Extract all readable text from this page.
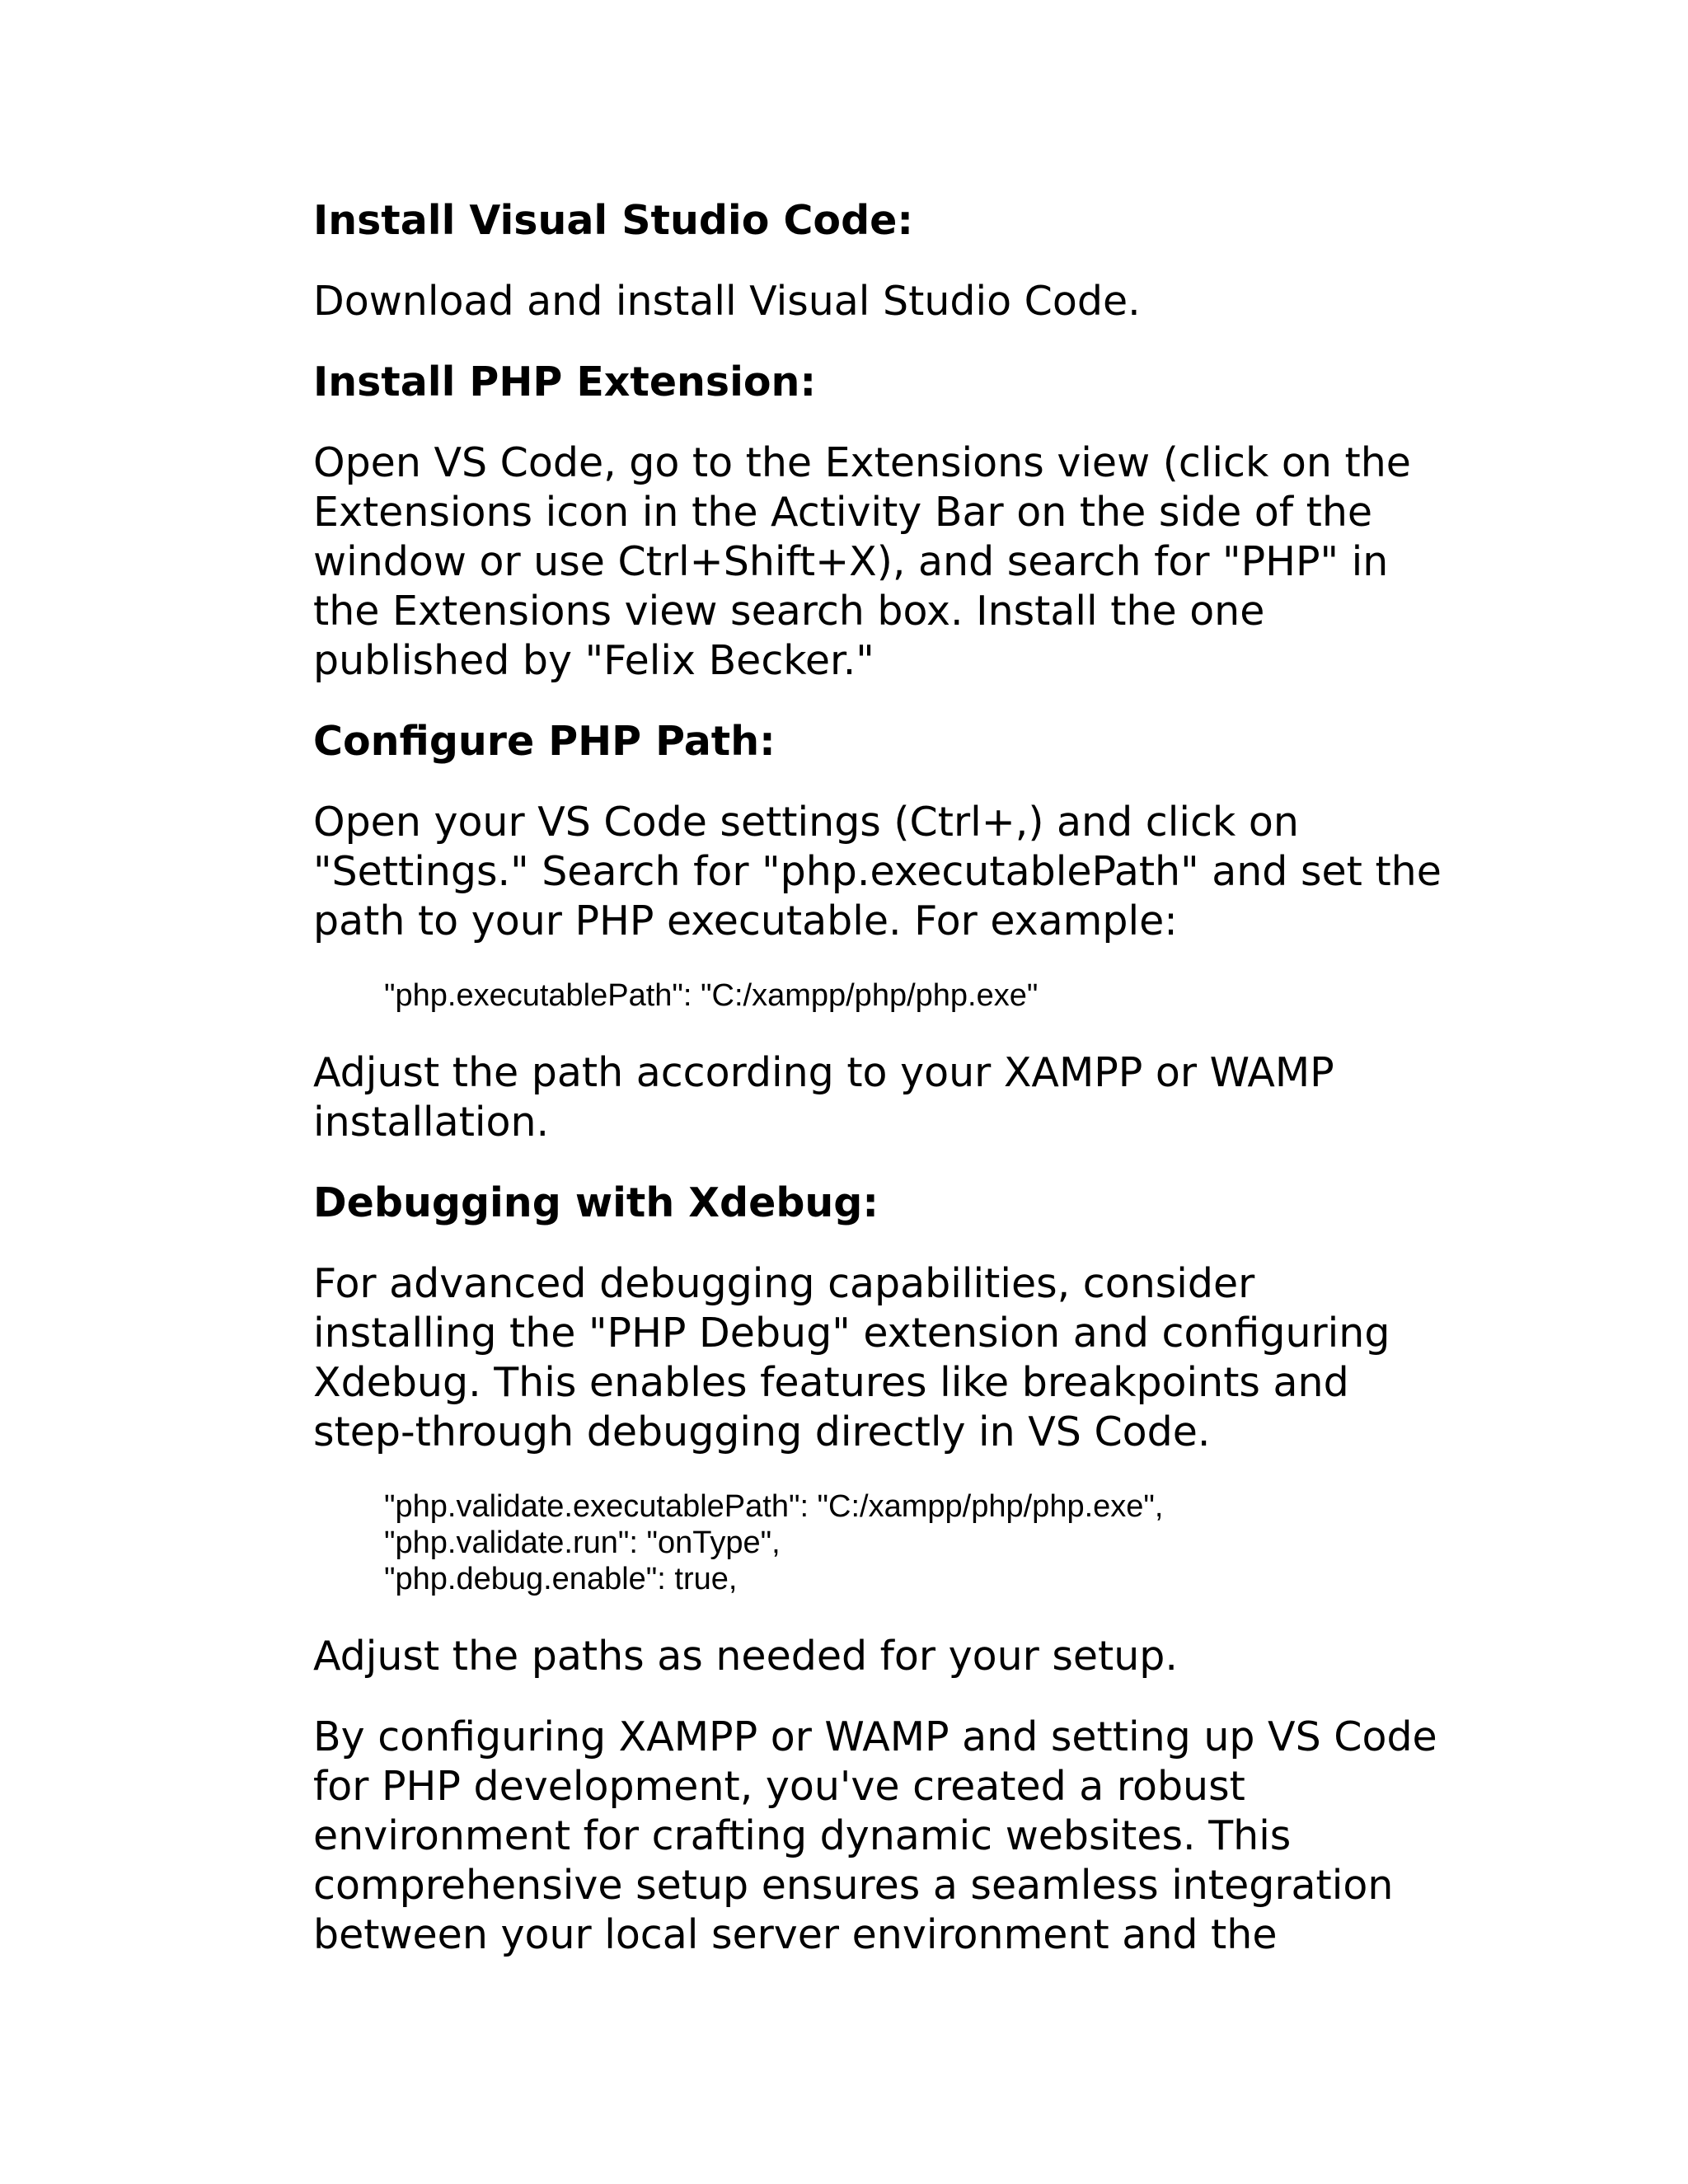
Install Visual Studio Code:
Download and install Visual Studio Code.
Install PHP Extension:
Open VS Code, go to the Extensions view (click on the
Extensions icon in the Activity Bar on the side of the
window or use Ctrl+Shift+X), and search for "PHP" in
the Extensions view search box. Install the one
published by "Felix Becker."
Configure PHP Path:
Open your VS Code settings (Ctrl+,) and click on
"Settings." Search for "php.executablePath" and set the
path to your PHP executable. For example:
"php.executablePath": "C:/xampp/php/php.exe"
Adjust the path according to your XAMPP or WAMP
installation.
Debugging with Xdebug:
For advanced debugging capabilities, consider
installing the "PHP Debug" extension and configuring
Xdebug. This enables features like breakpoints and
step-through debugging directly in VS Code.
"php.validate.executablePath": "C:/xampp/php/php.exe",
"php.validate.run": "onType",
"php.debug.enable": true,
Adjust the paths as needed for your setup.
By configuring XAMPP or WAMP and setting up VS Code
for PHP development, you've created a robust
environment for crafting dynamic websites. This
comprehensive setup ensures a seamless integration
between your local server environment and the
